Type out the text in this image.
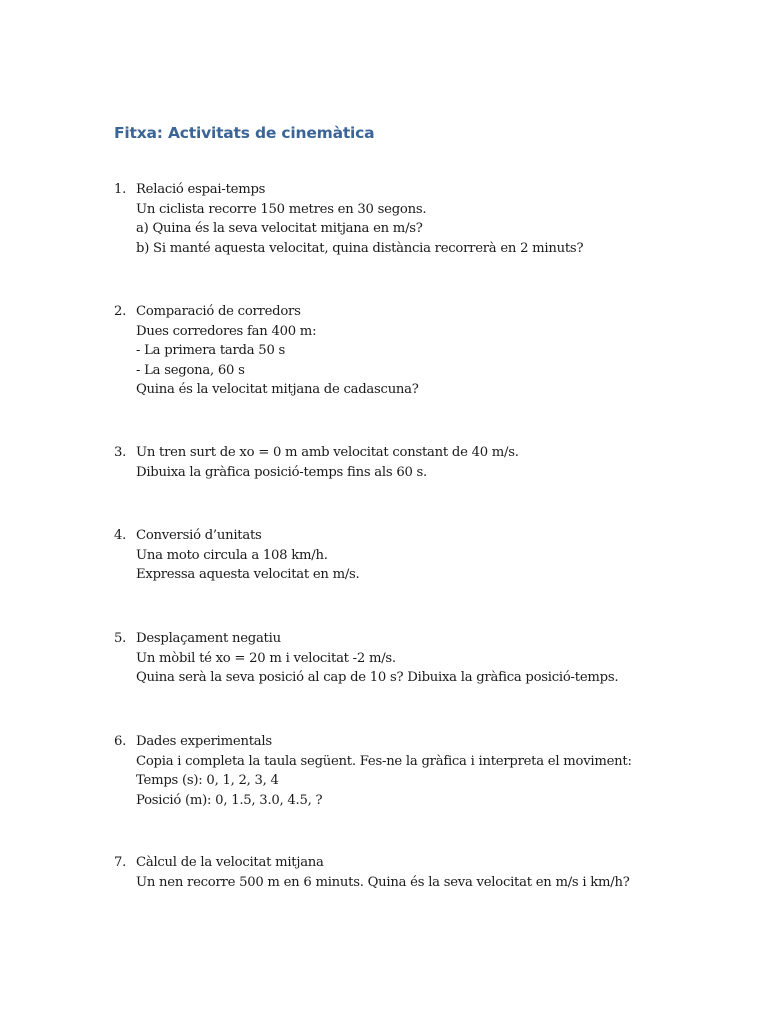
Fitxa: Activitats de cinemàtica
1. Relació espai-temps
Un ciclista recorre 150 metres en 30 segons.
a) Quina és la seva velocitat mitjana en m/s?
b) Si manté aquesta velocitat, quina distància recorrerà en 2 minuts?
2. Comparació de corredors
Dues corredores fan 400 m:
- La primera tarda 50 s
- La segona, 60 s
Quina és la velocitat mitjana de cadascuna?
3. Un tren surt de xo = 0 m amb velocitat constant de 40 m/s.
Dibuixa la gràfica posició-temps fins als 60 s.
4. Conversió d’unitats
Una moto circula a 108 km/h.
Expressa aquesta velocitat en m/s.
5. Desplaçament negatiu
Un mòbil té xo = 20 m i velocitat -2 m/s.
Quina serà la seva posició al cap de 10 s? Dibuixa la gràfica posició-temps.
6. Dades experimentals
Copia i completa la taula següent. Fes-ne la gràfica i interpreta el moviment:
Temps (s): 0, 1, 2, 3, 4
Posició (m): 0, 1.5, 3.0, 4.5, ?
7. Càlcul de la velocitat mitjana
Un nen recorre 500 m en 6 minuts. Quina és la seva velocitat en m/s i km/h?
